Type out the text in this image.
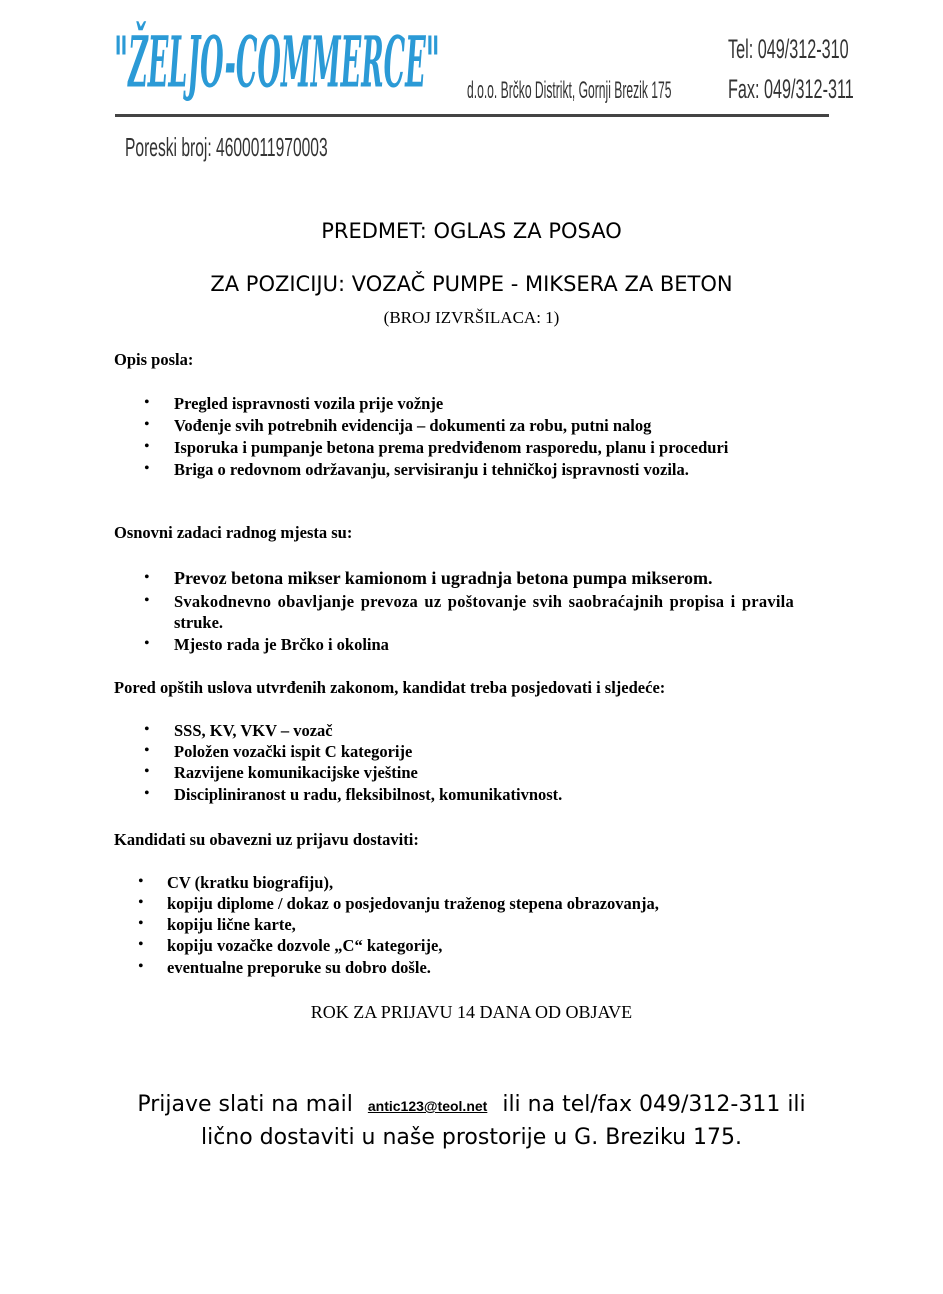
"ŽELJO-COMMERCE" d.o.o. Brčko Distrikt, Gornji Brezik 175
Tel: 049/312-310
Fax: 049/312-311
Poreski broj: 4600011970003
PREDMET: OGLAS ZA POSAO
ZA POZICIJU: VOZAČ PUMPE - MIKSERA ZA BETON
(BROJ IZVRŠILACA: 1)
Opis posla:
• Pregled ispravnosti vozila prije vožnje
• Vođenje svih potrebnih evidencija – dokumenti za robu, putni nalog
• Isporuka i pumpanje betona prema predviđenom rasporedu, planu i proceduri
• Briga o redovnom održavanju, servisiranju i tehničkoj ispravnosti vozila.
Osnovni zadaci radnog mjesta su:
• Prevoz betona mikser kamionom i ugradnja betona pumpa mikserom.
• Svakodnevno obavljanje prevoza uz poštovanje svih saobraćajnih propisa i pravila
struke.
• Mjesto rada je Brčko i okolina
Pored opštih uslova utvrđenih zakonom, kandidat treba posjedovati i sljedeće:
• SSS, KV, VKV – vozač
• Položen vozački ispit C kategorije
• Razvijene komunikacijske vještine
• Discipliniranost u radu, fleksibilnost, komunikativnost.
Kandidati su obavezni uz prijavu dostaviti:
• CV (kratku biografiju),
• kopiju diplome / dokaz o posjedovanju traženog stepena obrazovanja,
• kopiju lične karte,
• kopiju vozačke dozvole „C“ kategorije,
• eventualne preporuke su dobro došle.
ROK ZA PRIJAVU 14 DANA OD OBJAVE
Prijave slati na mail antic123@teol.net ili na tel/fax 049/312-311 ili
lično dostaviti u naše prostorije u G. Breziku 175.
